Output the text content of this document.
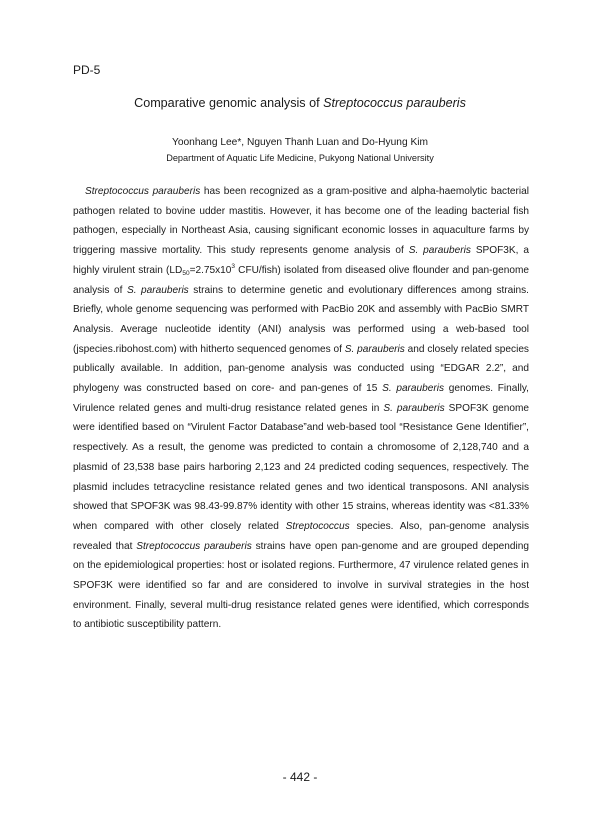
PD-5
Comparative genomic analysis of Streptococcus parauberis
Yoonhang Lee*, Nguyen Thanh Luan and Do-Hyung Kim
Department of Aquatic Life Medicine, Pukyong National University

Streptococcus parauberis has been recognized as a gram-positive and alpha-haemolytic bacterial pathogen related to bovine udder mastitis. However, it has become one of the leading bacterial fish pathogen, especially in Northeast Asia, causing significant economic losses in aquaculture farms by triggering massive mortality. This study represents genome analysis of S. parauberis SPOF3K, a highly virulent strain ($LD_{50}=2.75x10^3$ CFU/fish) isolated from diseased olive flounder and pan-genome analysis of S. parauberis strains to determine genetic and evolutionary differences among strains. Briefly, whole genome sequencing was performed with PacBio 20K and assembly with PacBio SMRT Analysis. Average nucleotide identity (ANI) analysis was performed using a web-based tool (jspecies.ribohost.com) with hitherto sequenced genomes of S. parauberis and closely related species publically available. In addition, pan-genome analysis was conducted using “EDGAR 2.2”, and phylogeny was constructed based on core- and pan-genes of 15 S. parauberis genomes. Finally, Virulence related genes and multi-drug resistance related genes in S. parauberis SPOF3K genome were identified based on “Virulent Factor Database”and web-based tool “Resistance Gene Identifier”, respectively. As a result, the genome was predicted to contain a chromosome of 2,128,740 and a plasmid of 23,538 base pairs harboring 2,123 and 24 predicted coding sequences, respectively. The plasmid includes tetracycline resistance related genes and two identical transposons. ANI analysis showed that SPOF3K was 98.43-99.87% identity with other 15 strains, whereas identity was <81.33% when compared with other closely related Streptococcus species. Also, pan-genome analysis revealed that Streptococcus parauberis strains have open pan-genome and are grouped depending on the epidemiological properties: host or isolated regions. Furthermore, 47 virulence related genes in SPOF3K were identified so far and are considered to involve in survival strategies in the host environment. Finally, several multi-drug resistance related genes were identified, which corresponds to antibiotic susceptibility pattern.

- 442 -
